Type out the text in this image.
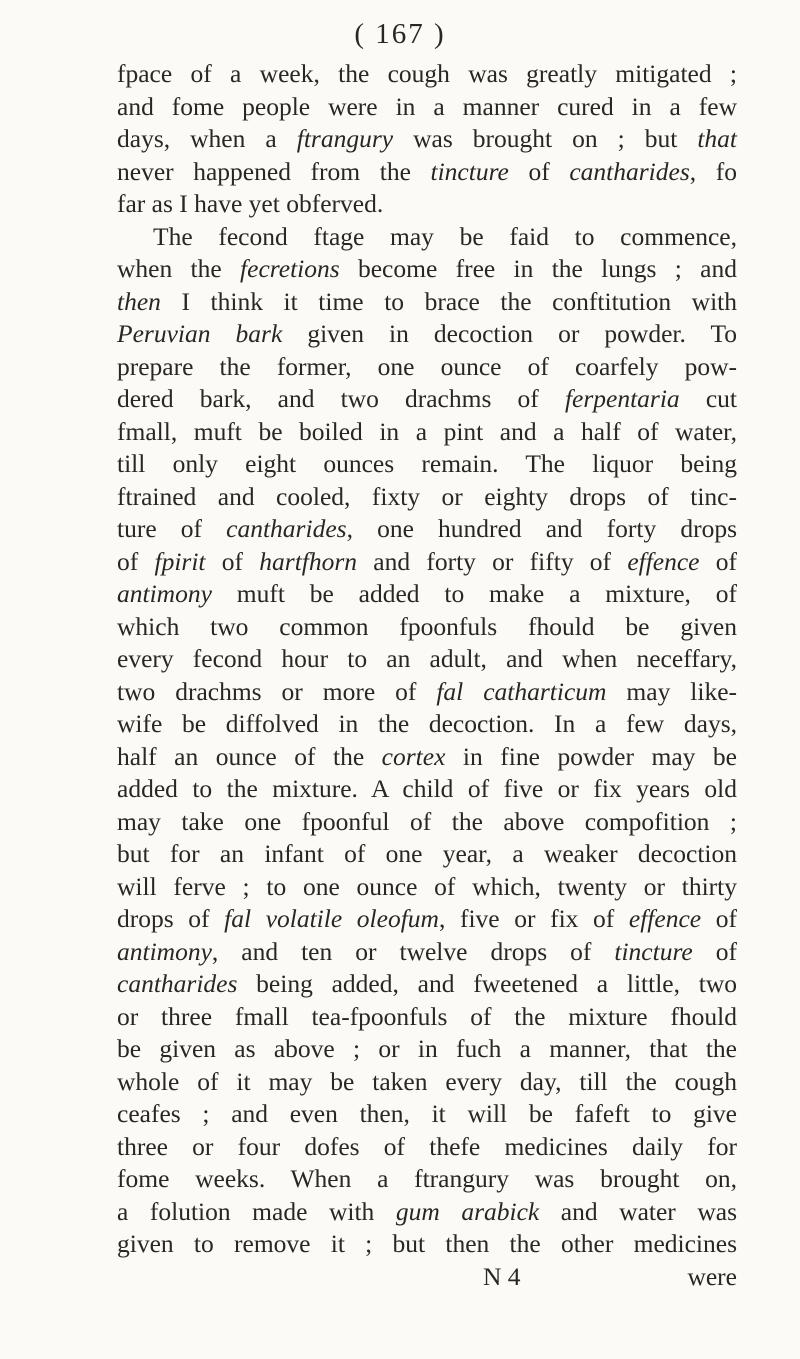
( 167 )
fpace of a week, the cough was greatly mitigated ;
and fome people were in a manner cured in a few
days, when a ftrangury was brought on ; but that
never happened from the tincture of cantharides, fo
far as I have yet obferved.
The fecond ftage may be faid to commence,
when the fecretions become free in the lungs ; and
then I think it time to brace the conftitution with
Peruvian bark given in decoction or powder. To
prepare the former, one ounce of coarfely pow-
dered bark, and two drachms of ferpentaria cut
fmall, muft be boiled in a pint and a half of water,
till only eight ounces remain. The liquor being
ftrained and cooled, fixty or eighty drops of tinc-
ture of cantharides, one hundred and forty drops
of fpirit of hartfhorn and forty or fifty of effence of
antimony muft be added to make a mixture, of
which two common fpoonfuls fhould be given
every fecond hour to an adult, and when neceffary,
two drachms or more of fal catharticum may like-
wife be diffolved in the decoction. In a few days,
half an ounce of the cortex in fine powder may be
added to the mixture. A child of five or fix years old
may take one fpoonful of the above compofition ;
but for an infant of one year, a weaker decoction
will ferve ; to one ounce of which, twenty or thirty
drops of fal volatile oleofum, five or fix of effence of
antimony, and ten or twelve drops of tincture of
cantharides being added, and fweetened a little, two
or three fmall tea-fpoonfuls of the mixture fhould
be given as above ; or in fuch a manner, that the
whole of it may be taken every day, till the cough
ceafes ; and even then, it will be fafeft to give
three or four dofes of thefe medicines daily for
fome weeks. When a ftrangury was brought on,
a folution made with gum arabick and water was
given to remove it ; but then the other medicines
N 4	were
